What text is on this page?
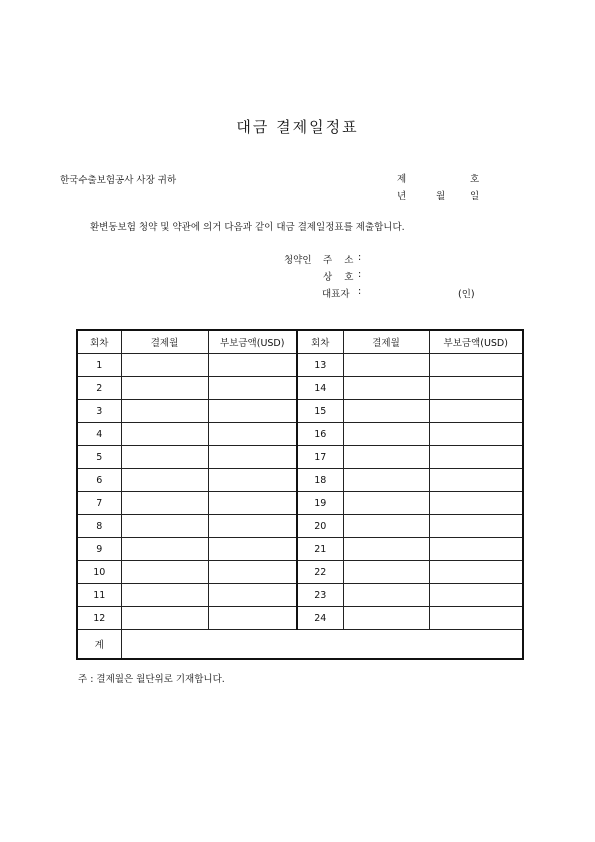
대금 결제일정표
한국수출보험공사 사장 귀하	제	호
년	월	일
환변동보험 청약 및 약관에 의거 다음과 같이 대금 결제일정표를 제출합니다.
청약인 주    소 :
상    호 :
대표자 :	(인)
회차	결제월	부보금액(USD)	회차	결제월	부보금액(USD)
1			13		
2			14		
3			15		
4			16		
5			17		
6			18		
7			19		
8			20		
9			21		
10			22		
11			23		
12			24		
계					
주 : 결제월은 월단위로 기재합니다.
